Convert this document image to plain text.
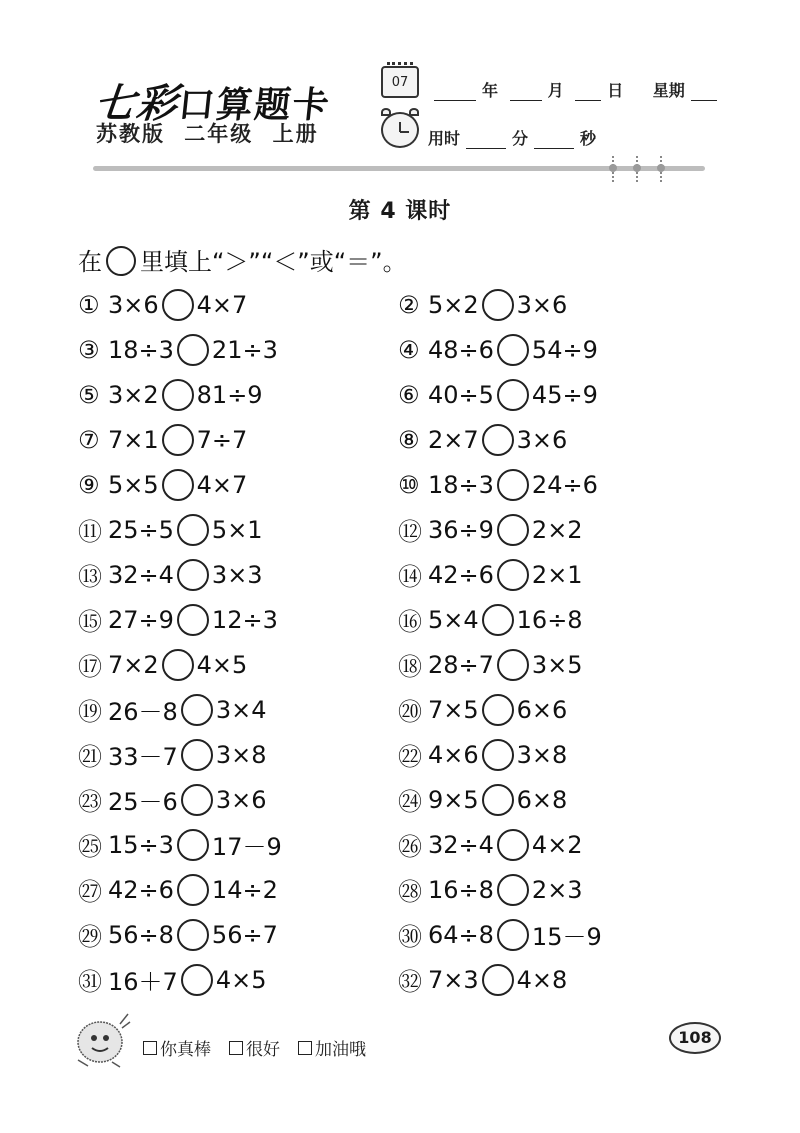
七彩口算题卡
苏教版 二年级 上册
07	年	月	日 星期
用时	分	秒
第 4 课时
在 里填上“＞”“＜”或“＝”。
① 3×6 4×7	② 5×2 3×6
③ 18÷3 21÷3	④ 48÷6 54÷9
⑤ 3×2 81÷9	⑥ 40÷5 45÷9
⑦ 7×1 7÷7	⑧ 2×7 3×6
⑨ 5×5 4×7	⑩ 18÷3 24÷6
⑪ 25÷5 5×1	⑫ 36÷9 2×2
⑬ 32÷4 3×3	⑭ 42÷6 2×1
⑮ 27÷9 12÷3	⑯ 5×4 16÷8
⑰ 7×2 4×5	⑱ 28÷7 3×5
⑲ 26－8 3×4	⑳ 7×5 6×6
㉑ 33－7 3×8	㉒ 4×6 3×8
㉓ 25－6 3×6	㉔ 9×5 6×8
㉕ 15÷3 17－9	㉖ 32÷4 4×2
㉗ 42÷6 14÷2	㉘ 16÷8 2×3
㉙ 56÷8 56÷7	㉚ 64÷8 15－9
㉛ 16＋7 4×5	㉜ 7×3 4×8
你真棒 很好 加油哦
108
